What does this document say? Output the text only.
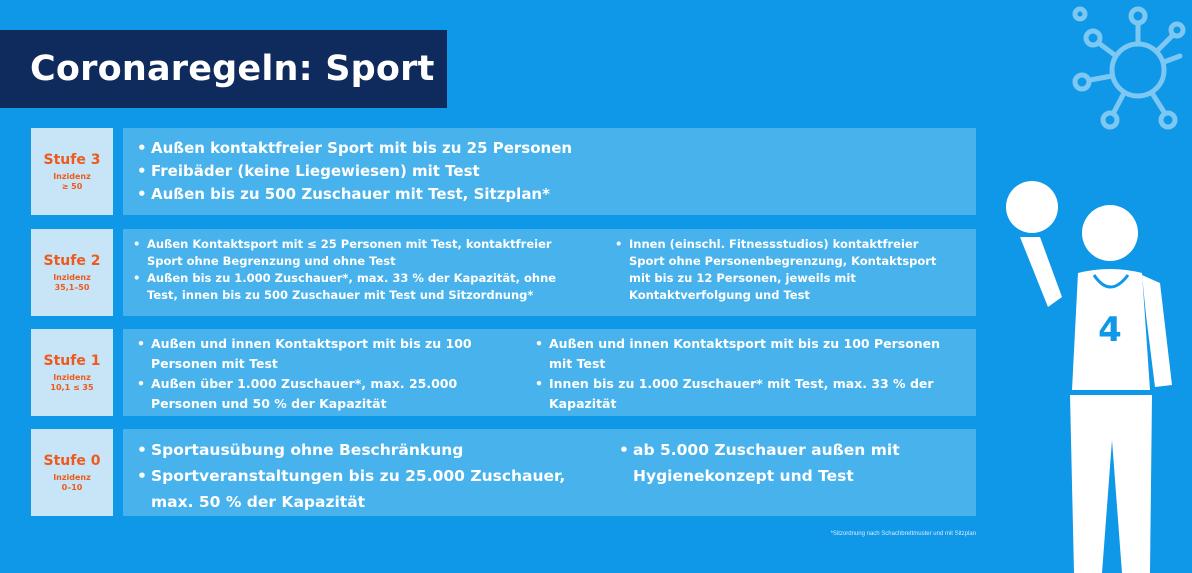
Coronaregeln: Sport
Stufe 3
Inzidenz
≥ 50
• Außen kontaktfreier Sport mit bis zu 25 Personen
• Freibäder (keine Liegewiesen) mit Test
• Außen bis zu 500 Zuschauer mit Test, Sitzplan*
Stufe 2
Inzidenz
35,1–50
• Außen Kontaktsport mit ≤ 25 Personen mit Test, kontaktfreier Sport ohne Begrenzung und ohne Test
• Außen bis zu 1.000 Zuschauer*, max. 33 % der Kapazität, ohne Test, innen bis zu 500 Zuschauer mit Test und Sitzordnung*
• Innen (einschl. Fitnessstudios) kontaktfreier Sport ohne Personenbegrenzung, Kontaktsport mit bis zu 12 Personen, jeweils mit Kontaktverfolgung und Test
Stufe 1
Inzidenz
10,1 ≤ 35
• Außen und innen Kontaktsport mit bis zu 100 Personen mit Test
• Außen über 1.000 Zuschauer*, max. 25.000 Personen und 50 % der Kapazität
• Außen und innen Kontaktsport mit bis zu 100 Personen mit Test
• Innen bis zu 1.000 Zuschauer* mit Test, max. 33 % der Kapazität
Stufe 0
Inzidenz
0–10
• Sportausübung ohne Beschränkung
• Sportveranstaltungen bis zu 25.000 Zuschauer, max. 50 % der Kapazität
• ab 5.000 Zuschauer außen mit Hygienekonzept und Test
*Sitzordnung nach Schachbrettmuster und mit Sitzplan
4
